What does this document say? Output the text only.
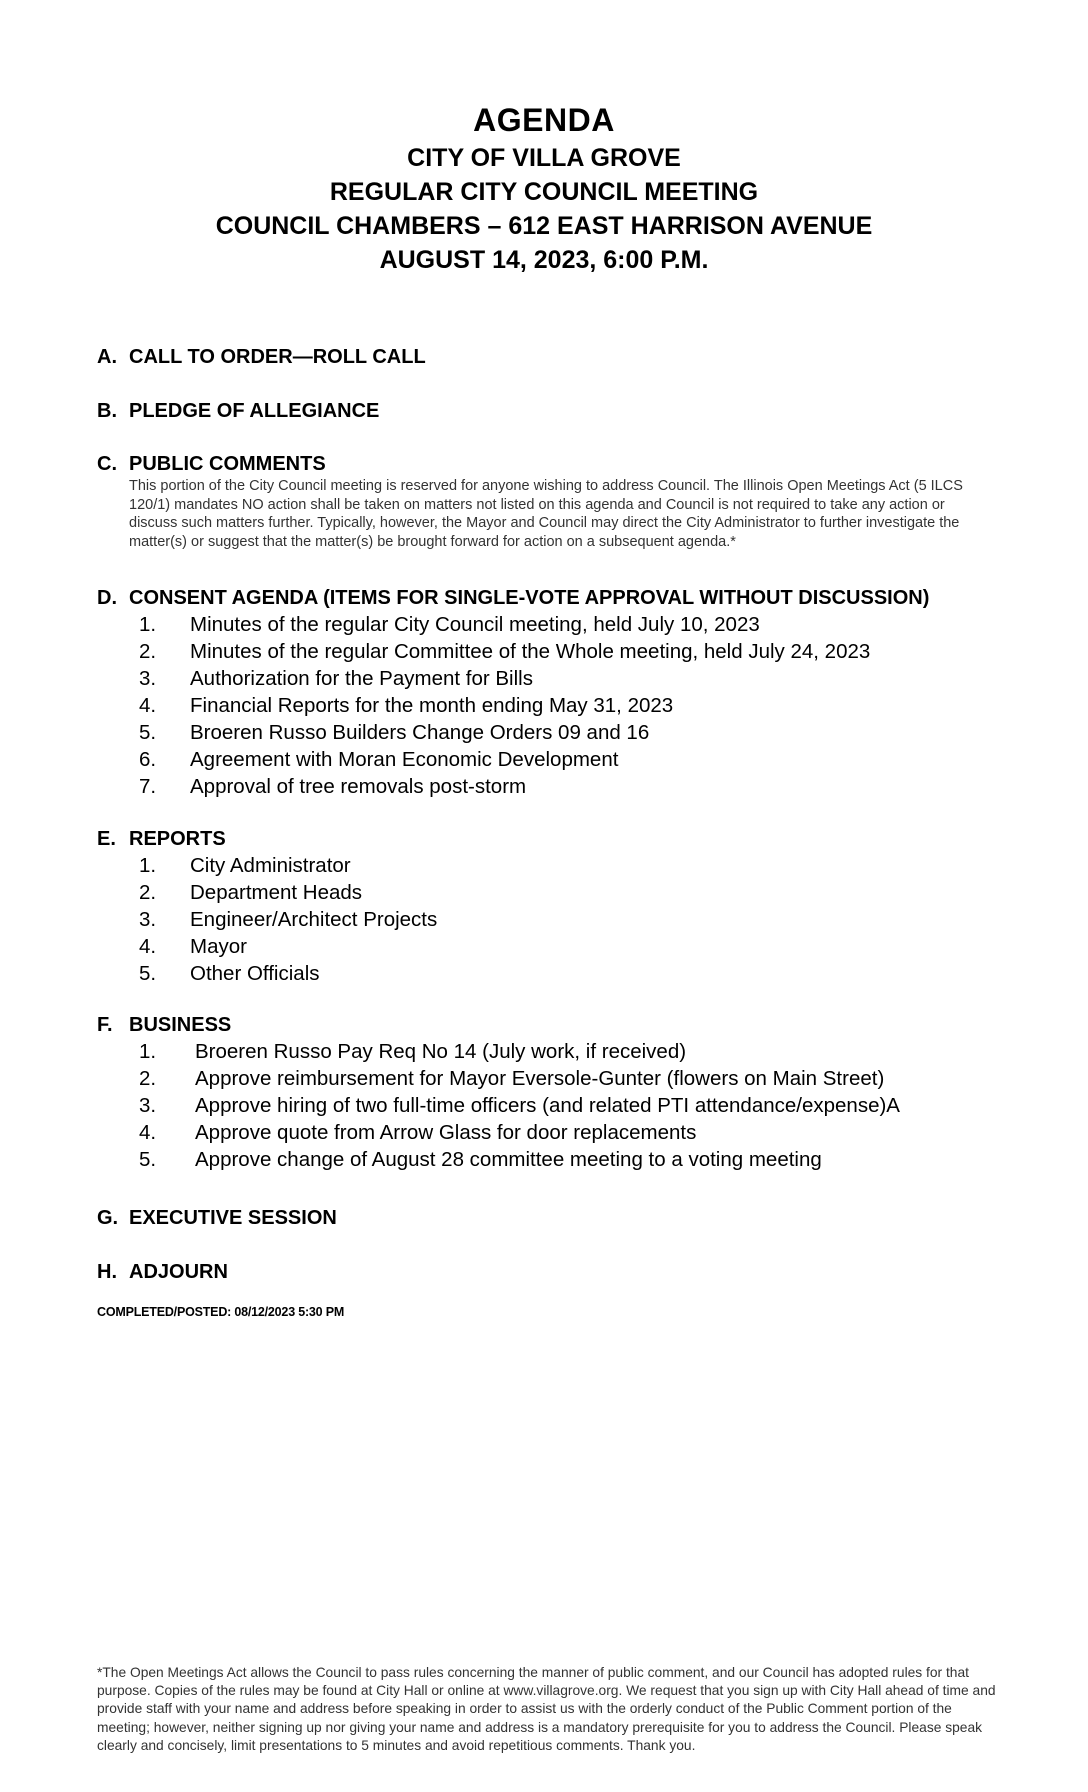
AGENDA
CITY OF VILLA GROVE
REGULAR CITY COUNCIL MEETING
COUNCIL CHAMBERS – 612 EAST HARRISON AVENUE
AUGUST 14, 2023, 6:00 P.M.
A. CALL TO ORDER—ROLL CALL
B. PLEDGE OF ALLEGIANCE
C. PUBLIC COMMENTS
This portion of the City Council meeting is reserved for anyone wishing to address Council. The Illinois Open Meetings Act (5 ILCS 120/1) mandates NO action shall be taken on matters not listed on this agenda and Council is not required to take any action or discuss such matters further. Typically, however, the Mayor and Council may direct the City Administrator to further investigate the matter(s) or suggest that the matter(s) be brought forward for action on a subsequent agenda.*
D. CONSENT AGENDA (ITEMS FOR SINGLE-VOTE APPROVAL WITHOUT DISCUSSION)
1.	Minutes of the regular City Council meeting, held July 10, 2023
2.	Minutes of the regular Committee of the Whole meeting, held July 24, 2023
3.	Authorization for the Payment for Bills
4.	Financial Reports for the month ending May 31, 2023
5.	Broeren Russo Builders Change Orders 09 and 16
6.	Agreement with Moran Economic Development
7.	Approval of tree removals post-storm
E. REPORTS
1.	City Administrator
2.	Department Heads
3.	Engineer/Architect Projects
4.	Mayor
5.	Other Officials
F. BUSINESS
1.	Broeren Russo Pay Req No 14 (July work, if received)
2.	Approve reimbursement for Mayor Eversole-Gunter (flowers on Main Street)
3.	Approve hiring of two full-time officers (and related PTI attendance/expense)A
4.	Approve quote from Arrow Glass for door replacements
5.	Approve change of August 28 committee meeting to a voting meeting
G. EXECUTIVE SESSION
H. ADJOURN
COMPLETED/POSTED: 08/12/2023 5:30 PM
*The Open Meetings Act allows the Council to pass rules concerning the manner of public comment, and our Council has adopted rules for that purpose. Copies of the rules may be found at City Hall or online at www.villagrove.org. We request that you sign up with City Hall ahead of time and provide staff with your name and address before speaking in order to assist us with the orderly conduct of the Public Comment portion of the meeting; however, neither signing up nor giving your name and address is a mandatory prerequisite for you to address the Council. Please speak clearly and concisely, limit presentations to 5 minutes and avoid repetitious comments. Thank you.
